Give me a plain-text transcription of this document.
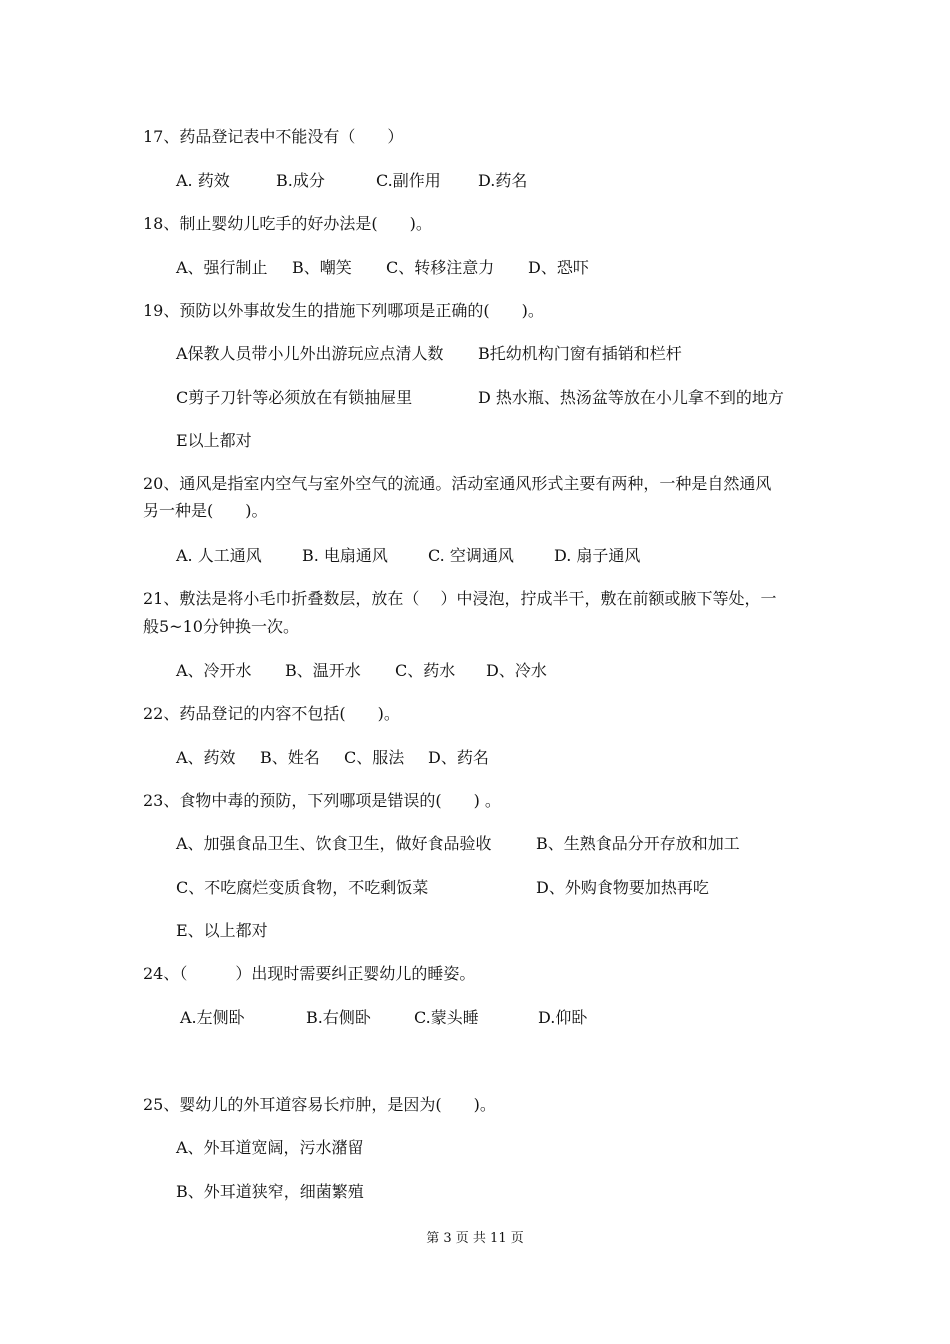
17、药品登记表中不能没有（　　）
A. 药效	B.成分	C.副作用 D.药名
18、制止婴幼儿吃手的好办法是(　　)。
A、强行制止 B、嘲笑 C、转移注意力 D、恐吓
19、预防以外事故发生的措施下列哪项是正确的(　　)。
A保教人员带小儿外出游玩应点清人数 B托幼机构门窗有插销和栏杆
C剪子刀针等必须放在有锁抽屉里	D 热水瓶、热汤盆等放在小儿拿不到的地方
E以上都对
20、通风是指室内空气与室外空气的流通。活动室通风形式主要有两种，一种是自然通风
另一种是(　　)。
A. 人工通风	B. 电扇通风	C. 空调通风	D. 扇子通风
21、敷法是将小毛巾折叠数层，放在（　 ）中浸泡，拧成半干，敷在前额或腋下等处，一
般5~10分钟换一次。
A、冷开水 B、温开水 C、药水 D、冷水
22、药品登记的内容不包括(　　)。
A、药效 B、姓名 C、服法 D、药名
23、食物中毒的预防，下列哪项是错误的(　　) 。
A、加强食品卫生、饮食卫生，做好食品验收	B、生熟食品分开存放和加工
C、不吃腐烂变质食物，不吃剩饭菜	D、外购食物要加热再吃
E、以上都对
24、（　　　）出现时需要纠正婴幼儿的睡姿。
A.左侧卧	B.右侧卧	C.蒙头睡	D.仰卧
25、婴幼儿的外耳道容易长疖肿，是因为(　　)。
A、外耳道宽阔，污水潴留
B、外耳道狭窄，细菌繁殖
第 3 页 共 11 页
